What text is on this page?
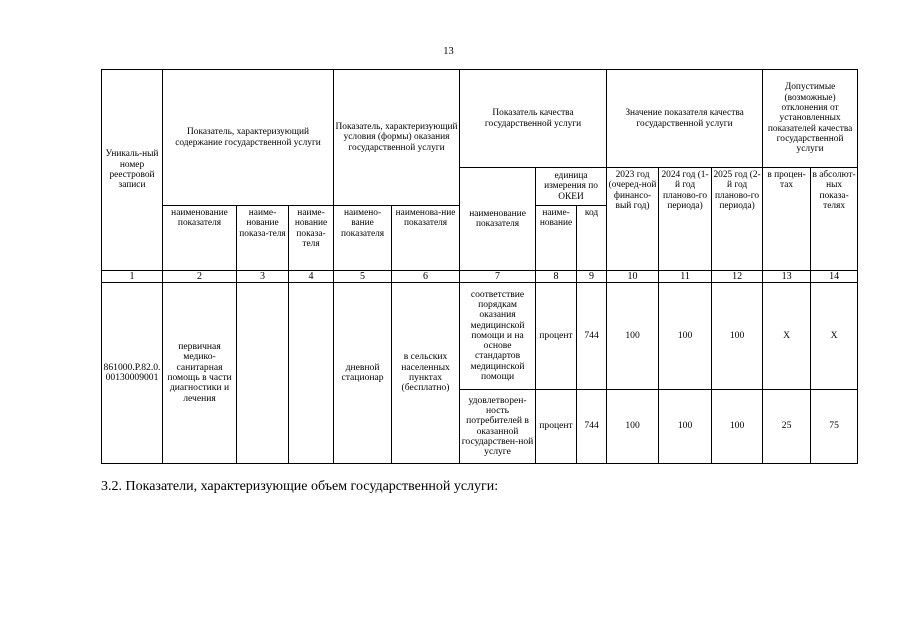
13
Уникаль-ный номер реестровой записи	Показатель, характеризующий содержание государственной услуги			Показатель, характеризующий условия (формы) оказания государственной услуги		Показатель качества государственной услуги			Значение показателя качества государственной услуги			Допустимые (возможные) отклонения от установленных показателей качества государственной услуги	
						наименование показателя	единица измерения по ОКЕИ		2023 год (очеред-ной финансо-вый год)	2024 год (1-й год планово-го периода)	2025 год (2-й год планово-го периода)	в процен-тах	в абсолют-ных показа-телях
	наименование показателя	наиме-нование показа-теля	наиме-нование показа-теля	наимено-вание показателя	наименова-ние показателя		наиме-нование	код					
1	2	3	4	5	6	7	8	9	10	11	12	13	14
861000.Р.82.0.00130009001	первичная медико-санитарная помощь в части диагностики и лечения			дневной стационар	в сельских населенных пунктах (бесплатно)	соответствие порядкам оказания медицинской помощи и на основе стандартов медицинской помощи	процент	744	100	100	100	Х	Х
						удовлетворен-ность потребителей в оказанной государствен-ной услуге	процент	744	100	100	100	25	75
3.2. Показатели, характеризующие объем государственной услуги:
